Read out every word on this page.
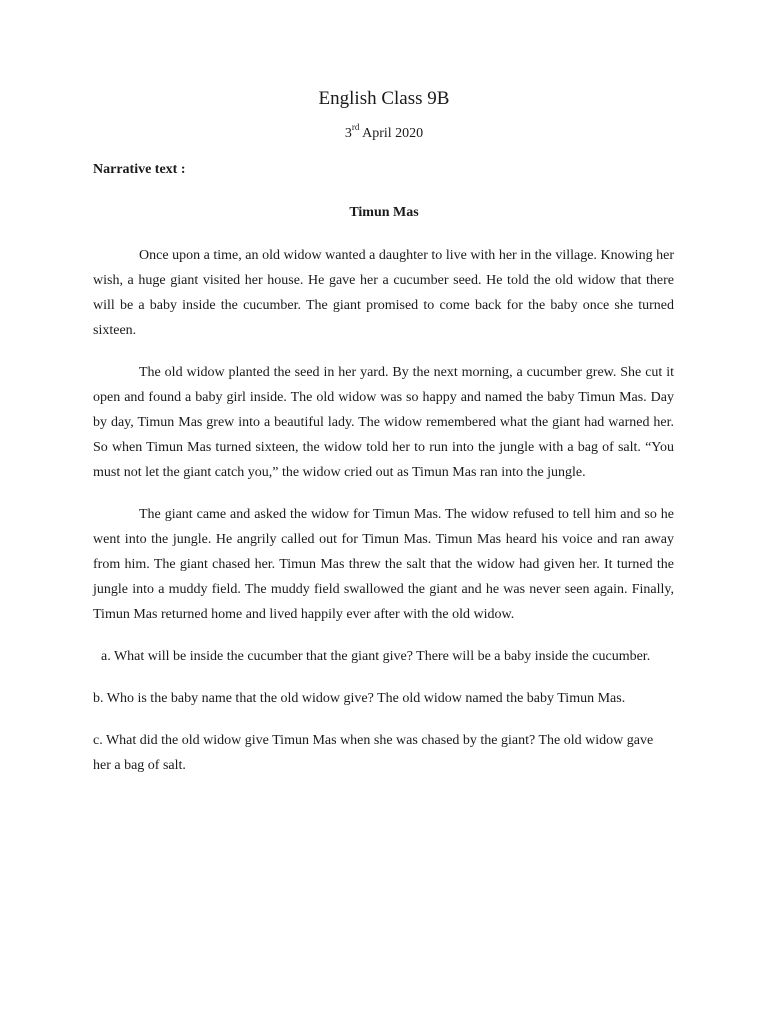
English Class 9B
3rd April 2020
Narrative text :
Timun Mas

Once upon a time, an old widow wanted a daughter to live with her in the village. Knowing her wish, a huge giant visited her house. He gave her a cucumber seed. He told the old widow that there will be a baby inside the cucumber. The giant promised to come back for the baby once she turned sixteen.

The old widow planted the seed in her yard. By the next morning, a cucumber grew. She cut it open and found a baby girl inside. The old widow was so happy and named the baby Timun Mas. Day by day, Timun Mas grew into a beautiful lady. The widow remembered what the giant had warned her. So when Timun Mas turned sixteen, the widow told her to run into the jungle with a bag of salt. “You must not let the giant catch you,” the widow cried out as Timun Mas ran into the jungle.

The giant came and asked the widow for Timun Mas. The widow refused to tell him and so he went into the jungle. He angrily called out for Timun Mas. Timun Mas heard his voice and ran away from him. The giant chased her. Timun Mas threw the salt that the widow had given her. It turned the jungle into a muddy field. The muddy field swallowed the giant and he was never seen again. Finally, Timun Mas returned home and lived happily ever after with the old widow.

a. What will be inside the cucumber that the giant give? There will be a baby inside the cucumber.

b. Who is the baby name that the old widow give? The old widow named the baby Timun Mas.

c. What did the old widow give Timun Mas when she was chased by the giant? The old widow gave her a bag of salt.
